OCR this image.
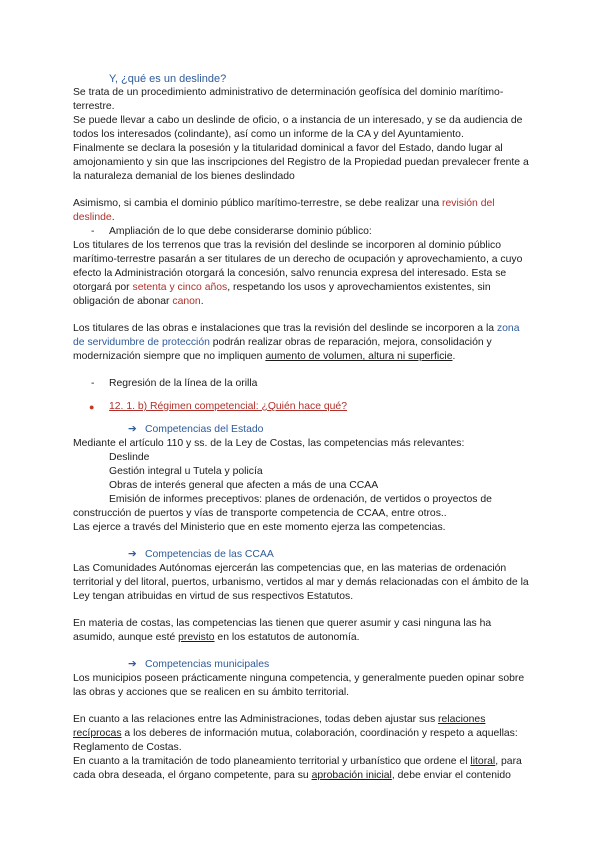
Y, ¿qué es un deslinde?

Se trata de un procedimiento administrativo de determinación geofísica del dominio marítimo-terrestre.

Se puede llevar a cabo un deslinde de oficio, o a instancia de un interesado, y se da audiencia de todos los interesados (colindante), así como un informe de la CA y del Ayuntamiento.

Finalmente se declara la posesión y la titularidad dominical a favor del Estado, dando lugar al amojonamiento y sin que las inscripciones del Registro de la Propiedad puedan prevalecer frente a la naturaleza demanial de los bienes deslindado

Asimismo, si cambia el dominio público marítimo-terrestre, se debe realizar una revisión del deslinde.

- Ampliación de lo que debe considerarse dominio público:

Los titulares de los terrenos que tras la revisión del deslinde se incorporen al dominio público marítimo-terrestre pasarán a ser titulares de un derecho de ocupación y aprovechamiento, a cuyo efecto la Administración otorgará la concesión, salvo renuncia expresa del interesado. Esta se otorgará por setenta y cinco años, respetando los usos y aprovechamientos existentes, sin obligación de abonar canon.

Los titulares de las obras e instalaciones que tras la revisión del deslinde se incorporen a la zona de servidumbre de protección podrán realizar obras de reparación, mejora, consolidación y modernización siempre que no impliquen aumento de volumen, altura ni superficie.

- Regresión de la línea de la orilla

● 12. 1. b) Régimen competencial: ¿Quién hace qué?

➔ Competencias del Estado

Mediante el artículo 110 y ss. de la Ley de Costas, las competencias más relevantes:

Deslinde

Gestión integral u Tutela y policía

Obras de interés general que afecten a más de una CCAA

Emisión de informes preceptivos: planes de ordenación, de vertidos o proyectos de construcción de puertos y vías de transporte competencia de CCAA, entre otros..

Las ejerce a través del Ministerio que en este momento ejerza las competencias.

➔ Competencias de las CCAA

Las Comunidades Autónomas ejercerán las competencias que, en las materias de ordenación territorial y del litoral, puertos, urbanismo, vertidos al mar y demás relacionadas con el ámbito de la Ley tengan atribuidas en virtud de sus respectivos Estatutos.

En materia de costas, las competencias las tienen que querer asumir y casi ninguna las ha asumido, aunque esté previsto en los estatutos de autonomía.

➔ Competencias municipales

Los municipios poseen prácticamente ninguna competencia, y generalmente pueden opinar sobre las obras y acciones que se realicen en su ámbito territorial.

En cuanto a las relaciones entre las Administraciones, todas deben ajustar sus relaciones recíprocas a los deberes de información mutua, colaboración, coordinación y respeto a aquellas: Reglamento de Costas.

En cuanto a la tramitación de todo planeamiento territorial y urbanístico que ordene el litoral, para cada obra deseada, el órgano competente, para su aprobación inicial, debe enviar el contenido
